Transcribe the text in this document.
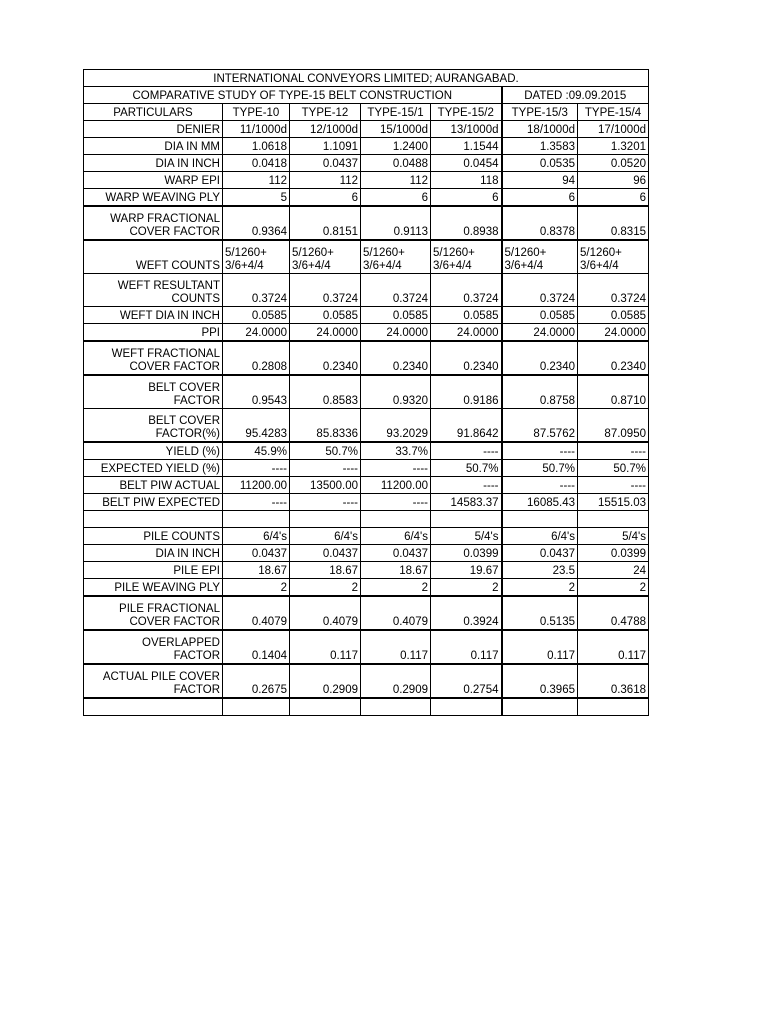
INTERNATIONAL CONVEYORS LIMITED; AURANGABAD.						
COMPARATIVE STUDY OF TYPE-15 BELT CONSTRUCTION					DATED :09.09.2015	
PARTICULARS	TYPE-10	TYPE-12	TYPE-15/1	TYPE-15/2	TYPE-15/3	TYPE-15/4
DENIER	11/1000d	12/1000d	15/1000d	13/1000d	18/1000d	17/1000d
DIA IN MM	1.0618	1.1091	1.2400	1.1544	1.3583	1.3201
DIA IN INCH	0.0418	0.0437	0.0488	0.0454	0.0535	0.0520
WARP EPI	112	112	112	118	94	96
WARP WEAVING PLY	5	6	6	6	6	6
WARP FRACTIONAL
COVER FACTOR	0.9364	0.8151	0.9113	0.8938	0.8378	0.8315
WEFT COUNTS	5/1260+
3/6+4/4	5/1260+
3/6+4/4	5/1260+
3/6+4/4	5/1260+
3/6+4/4	5/1260+
3/6+4/4	5/1260+
3/6+4/4
WEFT RESULTANT
COUNTS	0.3724	0.3724	0.3724	0.3724	0.3724	0.3724
WEFT DIA IN INCH	0.0585	0.0585	0.0585	0.0585	0.0585	0.0585
PPI	24.0000	24.0000	24.0000	24.0000	24.0000	24.0000
WEFT FRACTIONAL
COVER FACTOR	0.2808	0.2340	0.2340	0.2340	0.2340	0.2340
BELT COVER
FACTOR	0.9543	0.8583	0.9320	0.9186	0.8758	0.8710
BELT COVER
FACTOR(%)	95.4283	85.8336	93.2029	91.8642	87.5762	87.0950
YIELD (%)	45.9%	50.7%	33.7%	----	----	----
EXPECTED YIELD (%)	----	----	----	50.7%	50.7%	50.7%
BELT PIW ACTUAL	11200.00	13500.00	11200.00	----	----	----
BELT PIW EXPECTED	----	----	----	14583.37	16085.43	15515.03

PILE COUNTS	6/4's	6/4's	6/4's	5/4's	6/4's	5/4's
DIA IN INCH	0.0437	0.0437	0.0437	0.0399	0.0437	0.0399
PILE EPI	18.67	18.67	18.67	19.67	23.5	24
PILE WEAVING PLY	2	2	2	2	2	2
PILE FRACTIONAL
COVER FACTOR	0.4079	0.4079	0.4079	0.3924	0.5135	0.4788
OVERLAPPED
FACTOR	0.1404	0.117	0.117	0.117	0.117	0.117
ACTUAL PILE COVER
FACTOR	0.2675	0.2909	0.2909	0.2754	0.3965	0.3618
